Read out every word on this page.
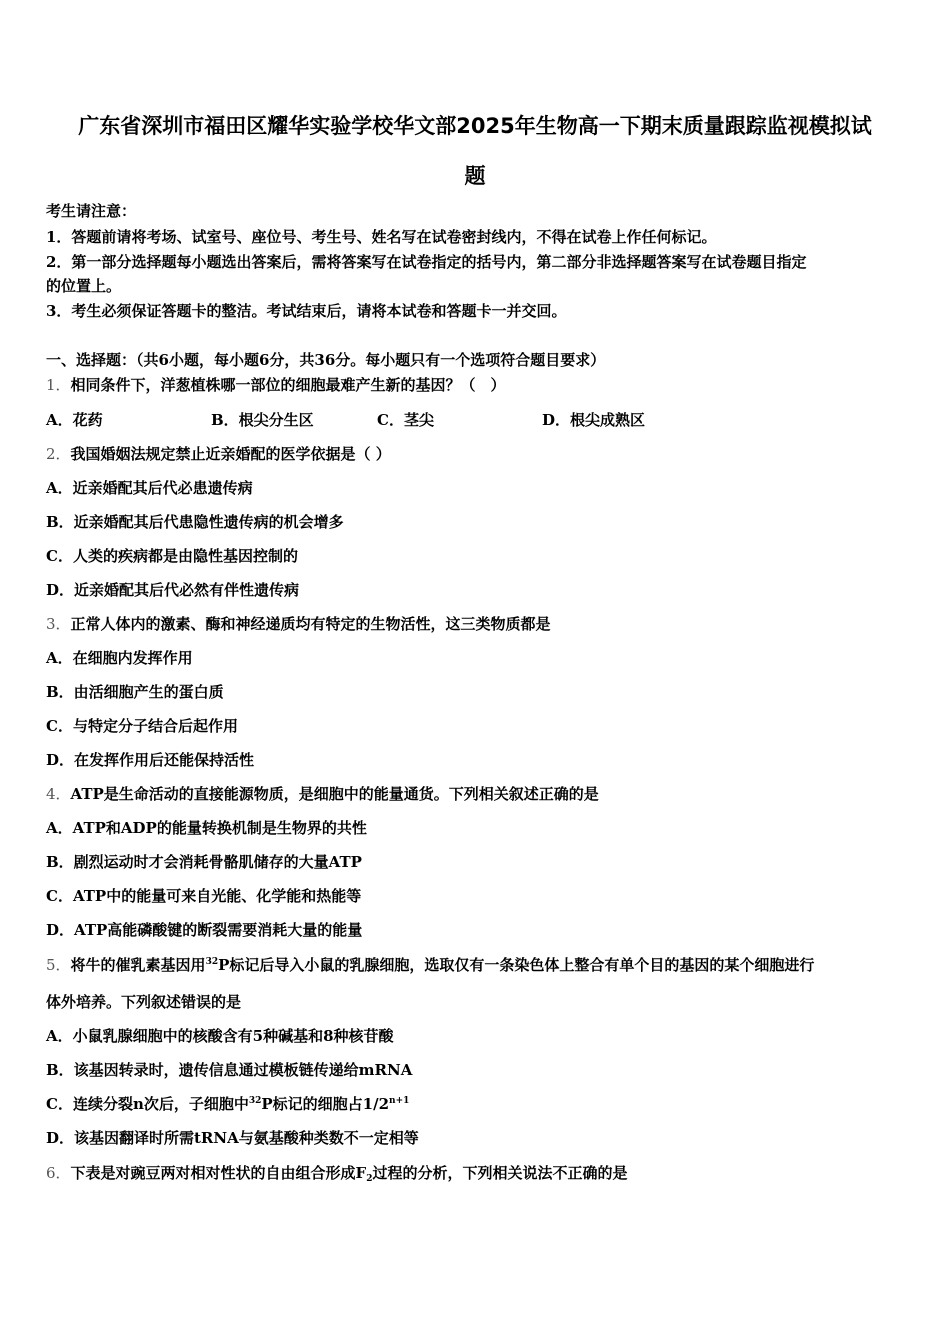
广东省深圳市福田区耀华实验学校华文部2025年生物高一下期末质量跟踪监视模拟试
题
考生请注意：
1．答题前请将考场、试室号、座位号、考生号、姓名写在试卷密封线内，不得在试卷上作任何标记。
2．第一部分选择题每小题选出答案后，需将答案写在试卷指定的括号内，第二部分非选择题答案写在试卷题目指定
的位置上。
3．考生必须保证答题卡的整洁。考试结束后，请将本试卷和答题卡一并交回。
一、选择题：（共6小题，每小题6分，共36分。每小题只有一个选项符合题目要求）
1．相同条件下，洋葱植株哪一部位的细胞最难产生新的基因？（　）
A．花药	B．根尖分生区	C．茎尖	D．根尖成熟区
2．我国婚姻法规定禁止近亲婚配的医学依据是（ ）
A．近亲婚配其后代必患遗传病
B．近亲婚配其后代患隐性遗传病的机会增多
C．人类的疾病都是由隐性基因控制的
D．近亲婚配其后代必然有伴性遗传病
3．正常人体内的激素、酶和神经递质均有特定的生物活性，这三类物质都是
A．在细胞内发挥作用
B．由活细胞产生的蛋白质
C．与特定分子结合后起作用
D．在发挥作用后还能保持活性
4．ATP是生命活动的直接能源物质，是细胞中的能量通货。下列相关叙述正确的是
A．ATP和ADP的能量转换机制是生物界的共性
B．剧烈运动时才会消耗骨骼肌储存的大量ATP
C．ATP中的能量可来自光能、化学能和热能等
D．ATP高能磷酸键的断裂需要消耗大量的能量
5．将牛的催乳素基因用$^{32}$P标记后导入小鼠的乳腺细胞，选取仅有一条染色体上整合有单个目的基因的某个细胞进行
体外培养。下列叙述错误的是
A．小鼠乳腺细胞中的核酸含有5种碱基和8种核苷酸
B．该基因转录时，遗传信息通过模板链传递给mRNA
C．连续分裂n次后，子细胞中$^{32}$P标记的细胞占$1/2^{n+1}$
D．该基因翻译时所需tRNA与氨基酸种类数不一定相等
6．下表是对豌豆两对相对性状的自由组合形成$F_2$过程的分析，下列相关说法不正确的是
